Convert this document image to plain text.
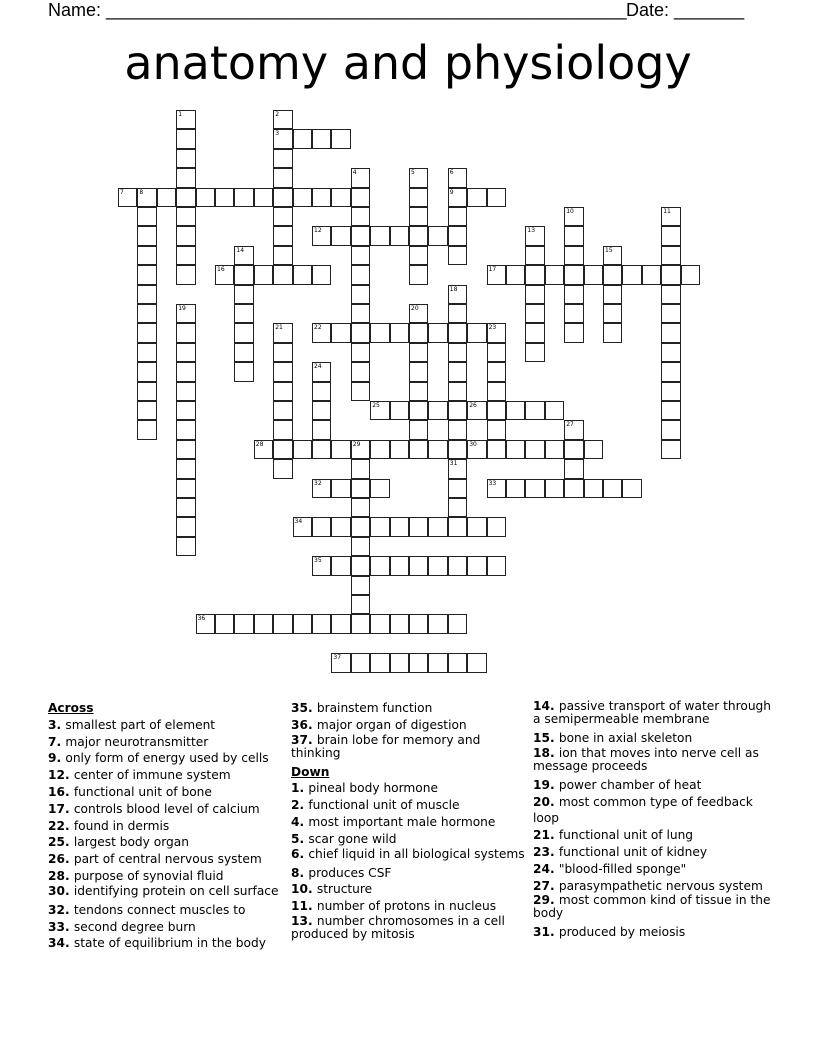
Name: ____________________________________________________ Date: _______
anatomy and physiology
1	2
3
4	5	6
9
7	8
10	11
12	13
14	15
16	17
18
19	20
21	22	23
24
25	26
27
28	29	30
31
32	33
34
35
36
37
Across
3. smallest part of element
7. major neurotransmitter
9. only form of energy used by cells
12. center of immune system
16. functional unit of bone
17. controls blood level of calcium
22. found in dermis
25. largest body organ
26. part of central nervous system
28. purpose of synovial fluid
30. identifying protein on cell surface
32. tendons connect muscles to
33. second degree burn
34. state of equilibrium in the body
35. brainstem function
36. major organ of digestion
37. brain lobe for memory and thinking
Down
1. pineal body hormone
2. functional unit of muscle
4. most important male hormone
5. scar gone wild
6. chief liquid in all biological systems
8. produces CSF
10. structure
11. number of protons in nucleus
13. number chromosomes in a cell produced by mitosis
14. passive transport of water through a semipermeable membrane
15. bone in axial skeleton
18. ion that moves into nerve cell as message proceeds
19. power chamber of heat
20. most common type of feedback loop
21. functional unit of lung
23. functional unit of kidney
24. "blood-filled sponge"
27. parasympathetic nervous system
29. most common kind of tissue in the body
31. produced by meiosis
